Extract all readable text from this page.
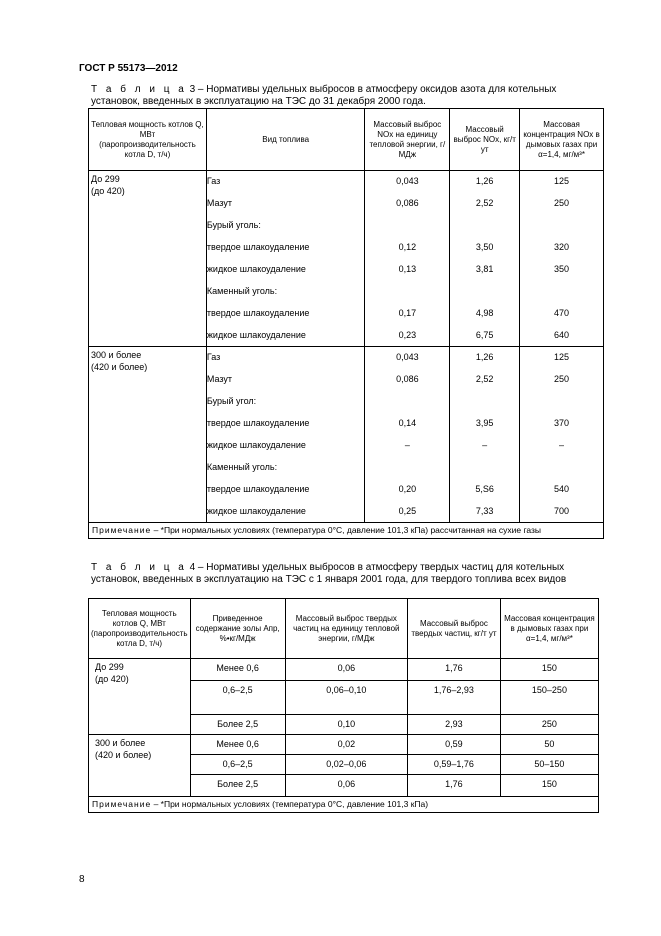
ГОСТ Р 55173—2012
Т а б л и ц а 3 – Нормативы удельных выбросов в атмосферу оксидов азота для котельных установок, введенных в эксплуатацию на ТЭС до 31 декабря 2000 года.
Тепловая мощность котлов Q, МВт (паропроизводительность котла D, т/ч)	Вид топлива	Массовый выброс NOx на единицу тепловой энергии, г/МДж	Массовый выброс NOx, кг/т ут	Массовая концентрация NOx в дымовых газах при α=1,4, мг/м³*
До 299
(до 420)	Газ	0,043	1,26	125
	Мазут	0,086	2,52	250
	Бурый уголь:			
	твердое шлакоудаление	0,12	3,50	320
	жидкое шлакоудаление	0,13	3,81	350
	Каменный уголь:			
	твердое шлакоудаление	0,17	4,98	470
	жидкое шлакоудаление	0,23	6,75	640
300 и более
(420 и более)	Газ	0,043	1,26	125
	Мазут	0,086	2,52	250
	Бурый угол:			
	твердое шлакоудаление	0,14	3,95	370
	жидкое шлакоудаление	–	–	–
	Каменный уголь:			
	твердое шлакоудаление	0,20	5,S6	540
	жидкое шлакоудаление	0,25	7,33	700
Примечание – *При нормальных условиях (температура 0°С, давление 101,3 кПа) рассчитанная на сухие газы				
Т а б л и ц а 4 – Нормативы удельных выбросов в атмосферу твердых частиц для котельных установок, введенных в эксплуатацию на ТЭС с 1 января 2001 года, для твердого топлива всех видов
Тепловая мощность котлов Q, МВт (паропроизводительность котла D, т/ч)	Приведенное содержание золы Апр, %•кг/МДж	Массовый выброс твердых частиц на единицу тепловой энергии, г/МДж	Массовый выброс твердых частиц, кг/т ут	Массовая концентрация в дымовых газах при α=1,4, мг/м³*
До 299
(до 420)	Менее 0,6	0,06	1,76	150
	0,6–2,5	0,06–0,10	1,76–2,93	150–250
	Более 2,5	0,10	2,93	250
300 и более
(420 и более)	Менее 0,6	0,02	0,59	50
	0,6–2,5	0,02–0,06	0,59–1,76	50–150
	Более 2,5	0,06	1,76	150
Примечание – *При нормальных условиях (температура 0°С, давление 101,3 кПа)				
8
